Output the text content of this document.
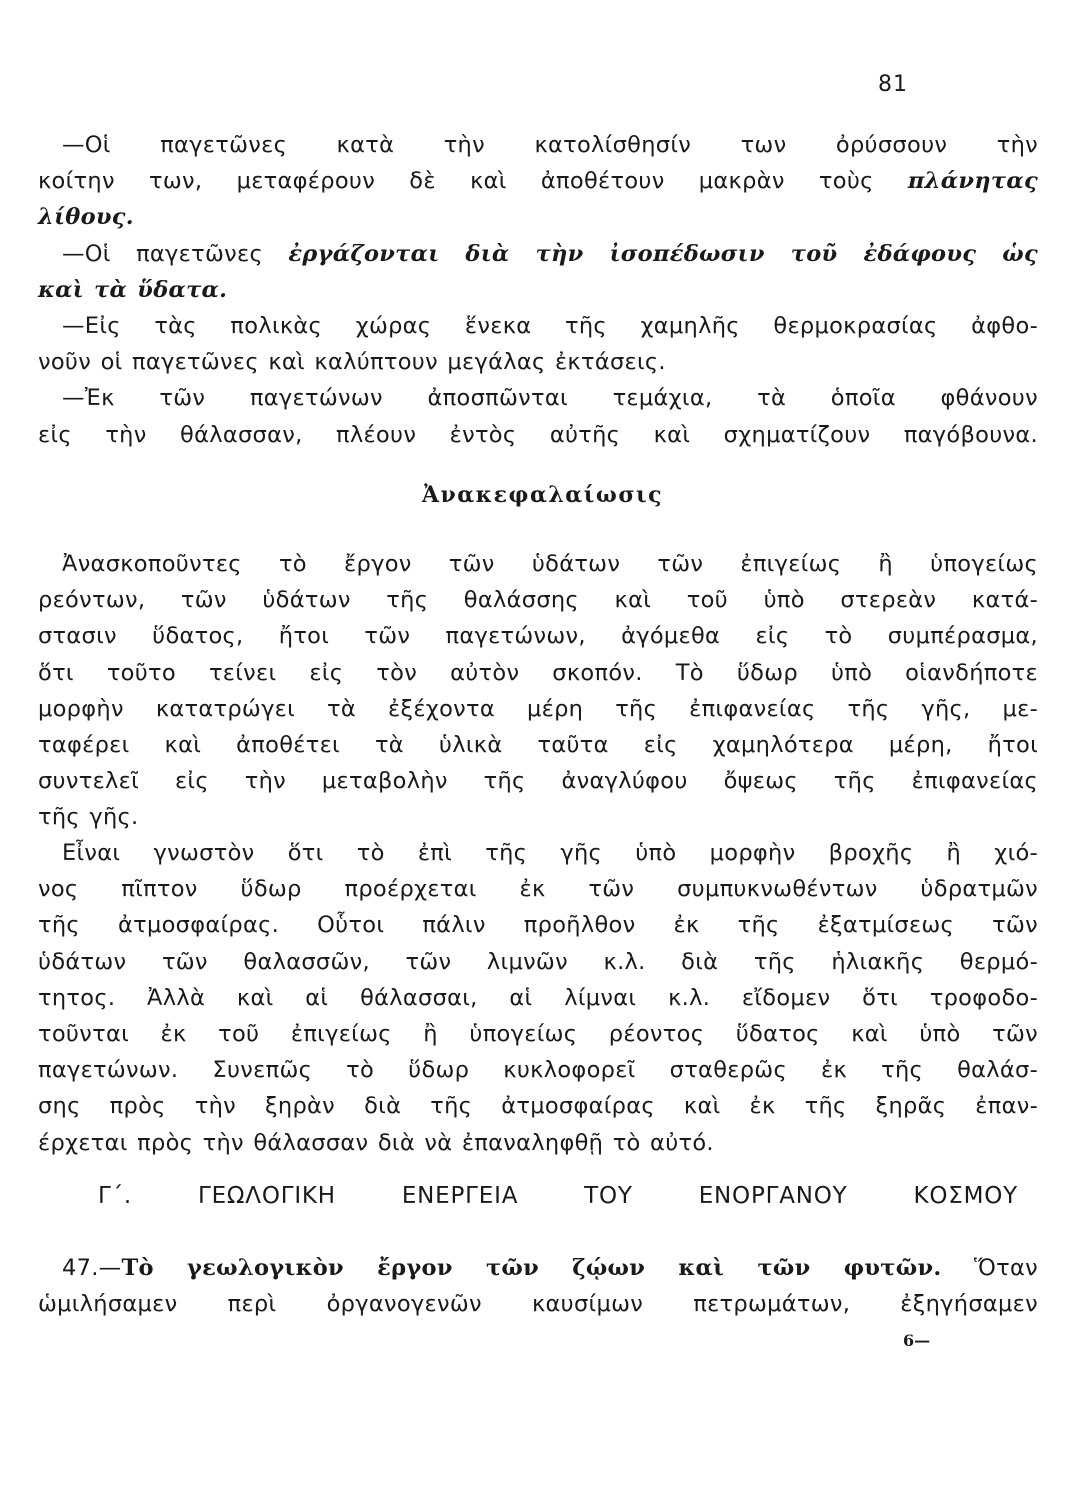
81
—Οἱ παγετῶνες κατὰ τὴν κατολίσθησίν των ὀρύσσουν τὴν
κοίτην των, μεταφέρουν δὲ καὶ ἀποθέτουν μακρὰν τοὺς πλάνητας
λίθους.
—Οἱ παγετῶνες ἐργάζονται διὰ τὴν ἰσοπέδωσιν τοῦ ἐδάφους ὡς
καὶ τὰ ὕδατα.
—Εἰς τὰς πολικὰς χώρας ἕνεκα τῆς χαμηλῆς θερμοκρασίας ἀφθο-
νοῦν οἱ παγετῶνες καὶ καλύπτουν μεγάλας ἐκτάσεις.
—Ἐκ τῶν παγετώνων ἀποσπῶνται τεμάχια, τὰ ὁποῖα φθάνουν
εἰς τὴν θάλασσαν, πλέουν ἐντὸς αὐτῆς καὶ σχηματίζουν παγόβουνα.
Ἀνακεφαλαίωσις
Ἀνασκοποῦντες τὸ ἔργον τῶν ὑδάτων τῶν ἐπιγείως ἢ ὑπογείως
ρεόντων, τῶν ὑδάτων τῆς θαλάσσης καὶ τοῦ ὑπὸ στερεὰν κατά-
στασιν ὕδατος, ἤτοι τῶν παγετώνων, ἀγόμεθα εἰς τὸ συμπέρασμα,
ὅτι τοῦτο τείνει εἰς τὸν αὐτὸν σκοπόν. Τὸ ὕδωρ ὑπὸ οἱανδήποτε
μορφὴν κατατρώγει τὰ ἐξέχοντα μέρη τῆς ἐπιφανείας τῆς γῆς, με-
ταφέρει καὶ ἀποθέτει τὰ ὑλικὰ ταῦτα εἰς χαμηλότερα μέρη, ἤτοι
συντελεῖ εἰς τὴν μεταβολὴν τῆς ἀναγλύφου ὄψεως τῆς ἐπιφανείας
τῆς γῆς.
Εἶναι γνωστὸν ὅτι τὸ ἐπὶ τῆς γῆς ὑπὸ μορφὴν βροχῆς ἢ χιό-
νος πῖπτον ὕδωρ προέρχεται ἐκ τῶν συμπυκνωθέντων ὑδρατμῶν
τῆς ἀτμοσφαίρας. Οὗτοι πάλιν προῆλθον ἐκ τῆς ἐξατμίσεως τῶν
ὑδάτων τῶν θαλασσῶν, τῶν λιμνῶν κ.λ. διὰ τῆς ἡλιακῆς θερμό-
τητος. Ἀλλὰ καὶ αἱ θάλασσαι, αἱ λίμναι κ.λ. εἴδομεν ὅτι τροφοδο-
τοῦνται ἐκ τοῦ ἐπιγείως ἢ ὑπογείως ρέοντος ὕδατος καὶ ὑπὸ τῶν
παγετώνων. Συνεπῶς τὸ ὕδωρ κυκλοφορεῖ σταθερῶς ἐκ τῆς θαλάσ-
σης πρὸς τὴν ξηρὰν διὰ τῆς ἀτμοσφαίρας καὶ ἐκ τῆς ξηρᾶς ἐπαν-
έρχεται πρὸς τὴν θάλασσαν διὰ νὰ ἐπαναληφθῇ τὸ αὐτό.
Γ΄. ΓΕΩΛΟΓΙΚΗ ΕΝΕΡΓΕΙΑ ΤΟΥ ΕΝΟΡΓΑΝΟΥ ΚΟΣΜΟΥ
47.—Τὸ γεωλογικὸν ἔργον τῶν ζῴων καὶ τῶν φυτῶν. Ὅταν
ὡμιλήσαμεν περὶ ὀργανογενῶν καυσίμων πετρωμάτων, ἐξηγήσαμεν
6—
